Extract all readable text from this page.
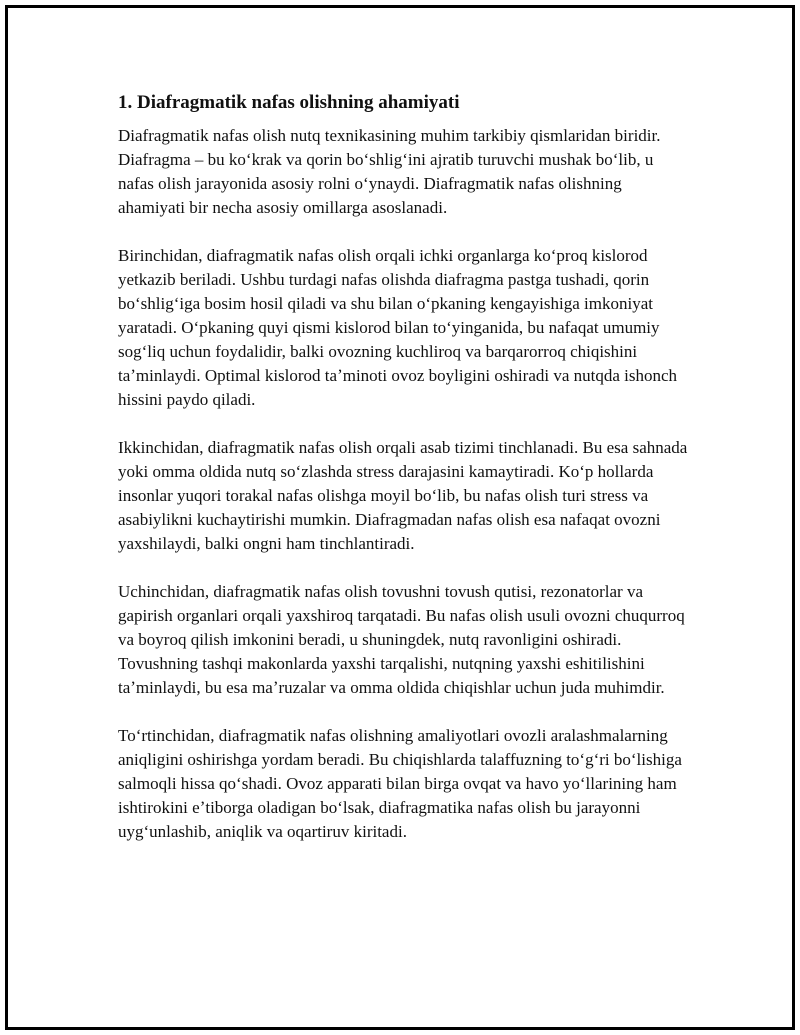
1. Diafragmatik nafas olishning ahamiyati

Diafragmatik nafas olish nutq texnikasining muhim tarkibiy qismlaridan biridir. Diafragma – bu koʻkrak va qorin boʻshligʻini ajratib turuvchi mushak boʻlib, u nafas olish jarayonida asosiy rolni oʻynaydi. Diafragmatik nafas olishning ahamiyati bir necha asosiy omillarga asoslanadi.

Birinchidan, diafragmatik nafas olish orqali ichki organlarga koʻproq kislorod yetkazib beriladi. Ushbu turdagi nafas olishda diafragma pastga tushadi, qorin boʻshligʻiga bosim hosil qiladi va shu bilan oʻpkaning kengayishiga imkoniyat yaratadi. Oʻpkaning quyi qismi kislorod bilan toʻyinganida, bu nafaqat umumiy sogʻliq uchun foydalidir, balki ovozning kuchliroq va barqarorroq chiqishini taʼminlaydi. Optimal kislorod taʼminoti ovoz boyligini oshiradi va nutqda ishonch hissini paydo qiladi.

Ikkinchidan, diafragmatik nafas olish orqali asab tizimi tinchlanadi. Bu esa sahnada yoki omma oldida nutq soʻzlashda stress darajasini kamaytiradi. Koʻp hollarda insonlar yuqori torakal nafas olishga moyil boʻlib, bu nafas olish turi stress va asabiylikni kuchaytirishi mumkin. Diafragmadan nafas olish esa nafaqat ovozni yaxshilaydi, balki ongni ham tinchlantiradi.

Uchinchidan, diafragmatik nafas olish tovushni tovush qutisi, rezonatorlar va gapirish organlari orqali yaxshiroq tarqatadi. Bu nafas olish usuli ovozni chuqurroq va boyroq qilish imkonini beradi, u shuningdek, nutq ravonligini oshiradi. Tovushning tashqi makonlarda yaxshi tarqalishi, nutqning yaxshi eshitilishini taʼminlaydi, bu esa maʼruzalar va omma oldida chiqishlar uchun juda muhimdir.

Toʻrtinchidan, diafragmatik nafas olishning amaliyotlari ovozli aralashmalarning aniqligini oshirishga yordam beradi. Bu chiqishlarda talaffuzning toʻgʻri boʻlishiga salmoqli hissa qoʻshadi. Ovoz apparati bilan birga ovqat va havo yoʻllarining ham ishtirokini eʼtiborga oladigan boʻlsak, diafragmatika nafas olish bu jarayonni uygʻunlashib, aniqlik va oqartiruv kiritadi.
